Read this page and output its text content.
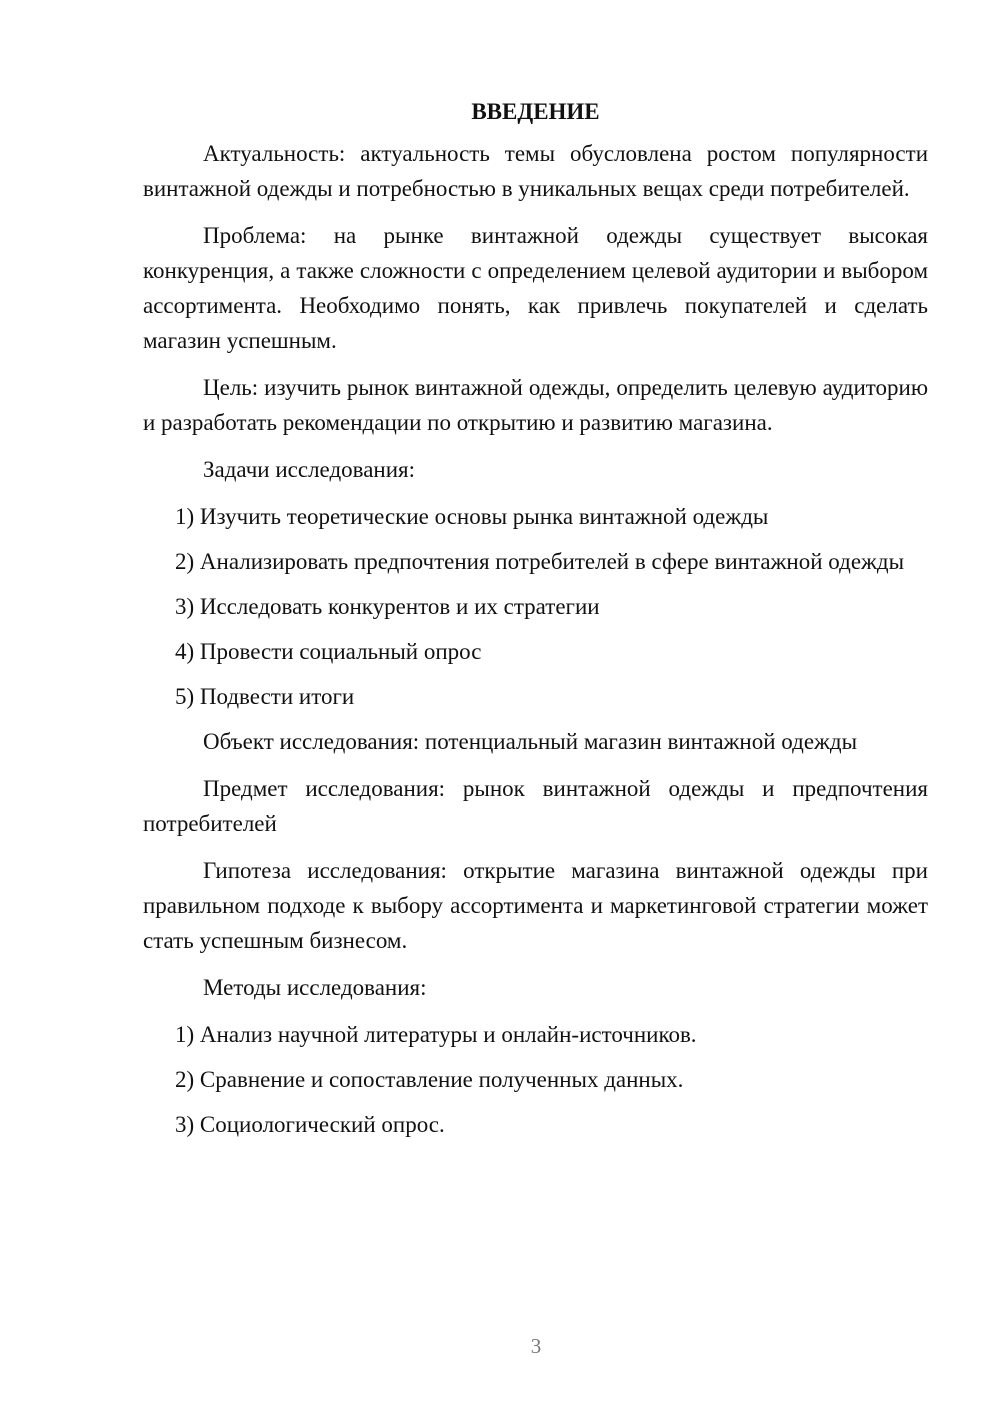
ВВЕДЕНИЕ

Актуальность: актуальность темы обусловлена ростом популярности винтажной одежды и потребностью в уникальных вещах среди потребителей.

Проблема: на рынке винтажной одежды существует высокая конкуренция, а также сложности с определением целевой аудитории и выбором ассортимента. Необходимо понять, как привлечь покупателей и сделать магазин успешным.

Цель: изучить рынок винтажной одежды, определить целевую аудиторию и разработать рекомендации по открытию и развитию магазина.

Задачи исследования:

1) Изучить теоретические основы рынка винтажной одежды

2) Анализировать предпочтения потребителей в сфере винтажной одежды

3) Исследовать конкурентов и их стратегии

4) Провести социальный опрос

5) Подвести итоги

Объект исследования: потенциальный магазин винтажной одежды

Предмет исследования: рынок винтажной одежды и предпочтения потребителей

Гипотеза исследования: открытие магазина винтажной одежды при правильном подходе к выбору ассортимента и маркетинговой стратегии может стать успешным бизнесом.

Методы исследования:

1) Анализ научной литературы и онлайн-источников.

2) Сравнение и сопоставление полученных данных.

3) Социологический опрос.

3
